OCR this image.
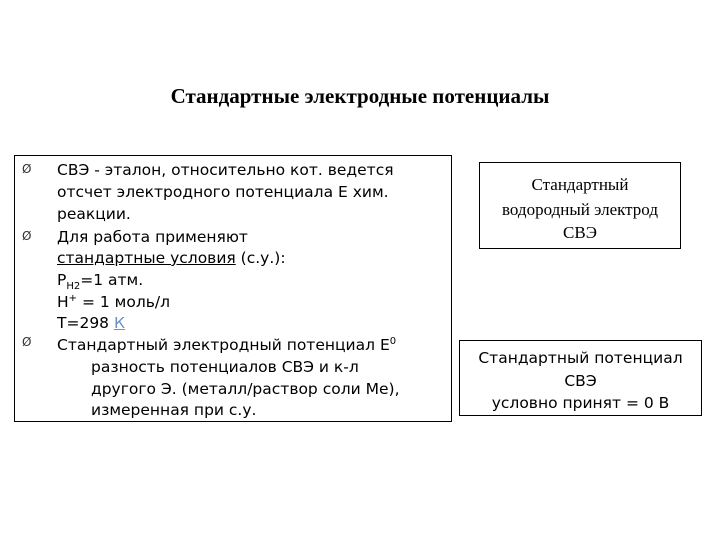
Стандартные электродные потенциалы
Ø
Ø
Ø
СВЭ - эталон, относительно кот. ведется
отсчет электродного потенциала Е хим.
реакции.
Для работа применяют
стандартные условия (с.у.):
$Р_{Н2}=1$ атм.
Н+ = 1 моль/л
Т=298 К
Стандартный электродный потенциал $Е^0$
разность потенциалов СВЭ и к-л
другого Э. (металл/раствор соли Ме),
измеренная при с.у.
Стандартный
водородный электрод
СВЭ
Стандартный потенциал
СВЭ
условно принят = 0 В
